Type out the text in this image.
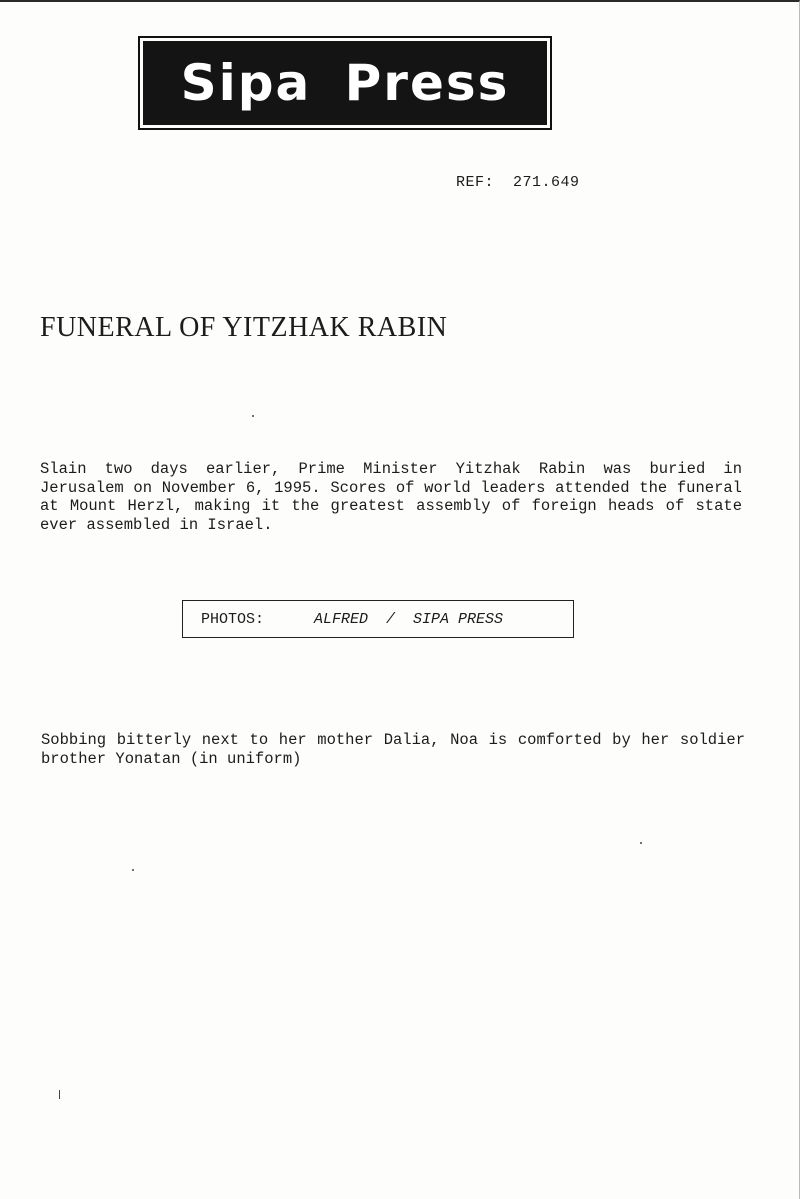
Sipa Press
REF:  271.649
FUNERAL OF YITZHAK RABIN
Slain two days earlier, Prime Minister Yitzhak Rabin was buried in Jerusalem on November 6, 1995. Scores of world leaders attended the funeral at Mount Herzl, making it the greatest assembly of foreign heads of state ever assembled in Israel.
PHOTOS:	ALFRED  /  SIPA PRESS
Sobbing bitterly next to her mother Dalia, Noa is comforted by her soldier brother Yonatan (in uniform)
